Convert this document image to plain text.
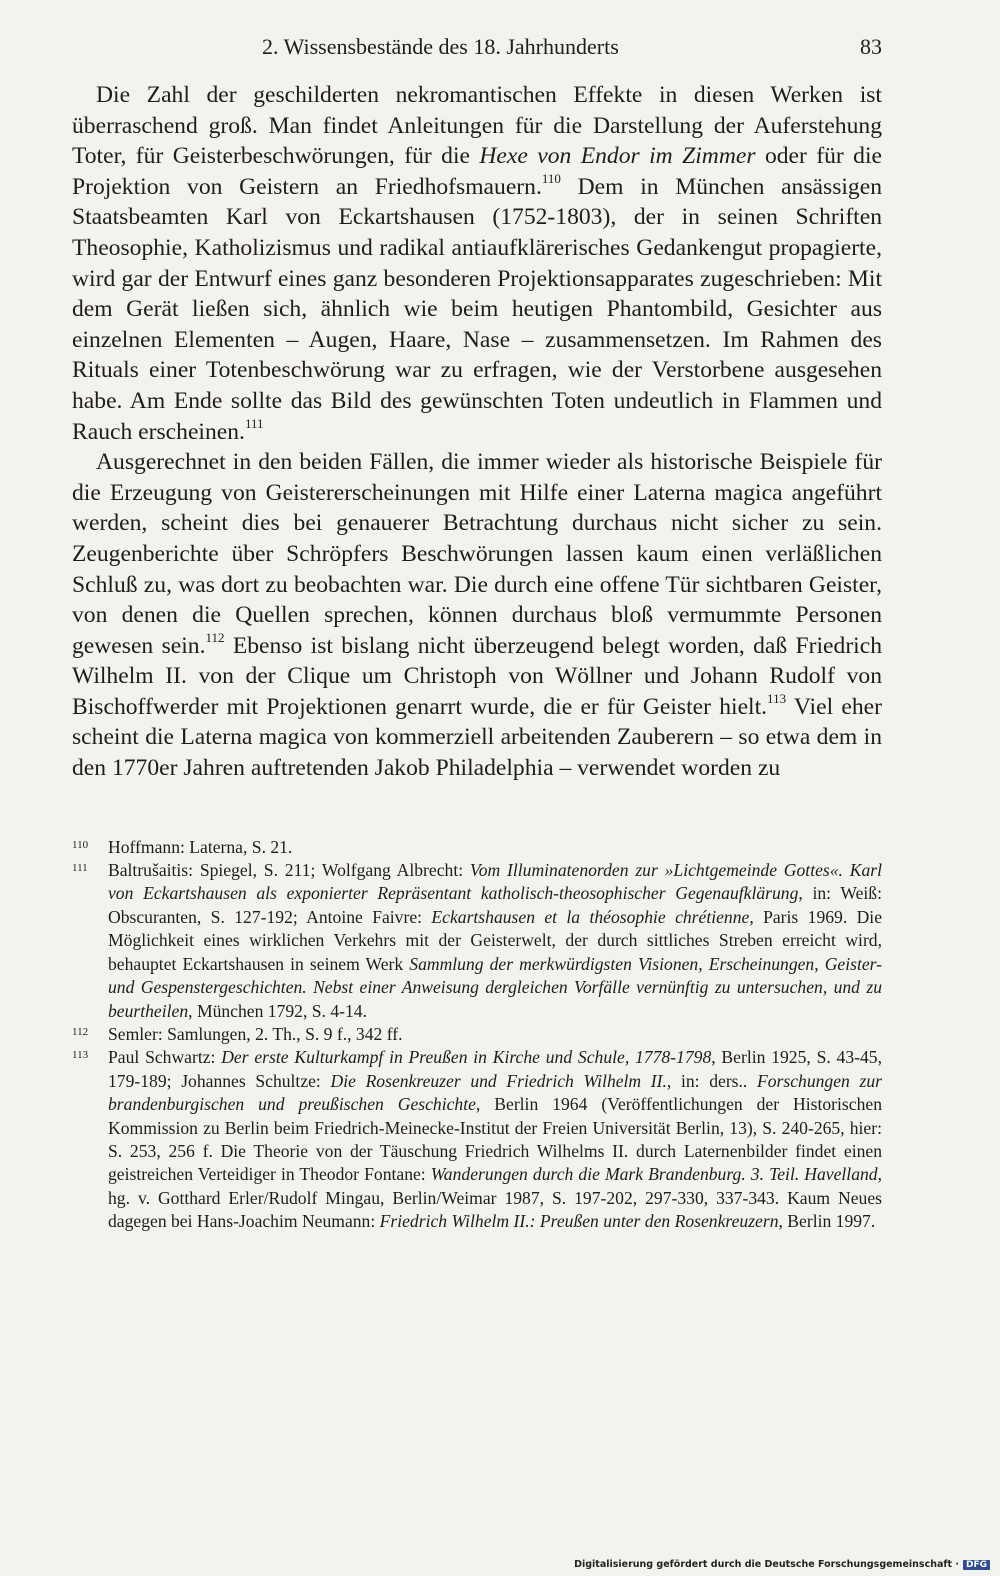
2. Wissensbestände des 18. Jahrhunderts	83

Die Zahl der geschilderten nekromantischen Effekte in diesen Werken ist überraschend groß. Man findet Anleitungen für die Darstellung der Auferstehung Toter, für Geisterbeschwörungen, für die Hexe von Endor im Zimmer oder für die Projektion von Geistern an Friedhofsmauern.$^{110}$ Dem in München ansässigen Staatsbeamten Karl von Eckartshausen (1752-1803), der in seinen Schriften Theosophie, Katholizismus und radikal antiaufklärerisches Gedankengut propagierte, wird gar der Entwurf eines ganz besonderen Projektionsapparates zugeschrieben: Mit dem Gerät ließen sich, ähnlich wie beim heutigen Phantombild, Gesichter aus einzelnen Elementen – Augen, Haare, Nase – zusammensetzen. Im Rahmen des Rituals einer Totenbeschwörung war zu erfragen, wie der Verstorbene ausgesehen habe. Am Ende sollte das Bild des gewünschten Toten undeutlich in Flammen und Rauch erscheinen.$^{111}$

Ausgerechnet in den beiden Fällen, die immer wieder als historische Beispiele für die Erzeugung von Geistererscheinungen mit Hilfe einer Laterna magica angeführt werden, scheint dies bei genauerer Betrachtung durchaus nicht sicher zu sein. Zeugenberichte über Schröpfers Beschwörungen lassen kaum einen verläßlichen Schluß zu, was dort zu beobachten war. Die durch eine offene Tür sichtbaren Geister, von denen die Quellen sprechen, können durchaus bloß vermummte Personen gewesen sein.$^{112}$ Ebenso ist bislang nicht überzeugend belegt worden, daß Friedrich Wilhelm II. von der Clique um Christoph von Wöllner und Johann Rudolf von Bischoffwerder mit Projektionen genarrt wurde, die er für Geister hielt.$^{113}$ Viel eher scheint die Laterna magica von kommerziell arbeitenden Zauberern – so etwa dem in den 1770er Jahren auftretenden Jakob Philadelphia – verwendet worden zu

110	Hoffmann: Laterna, S. 21.
111	Baltrušaitis: Spiegel, S. 211; Wolfgang Albrecht: Vom Illuminatenorden zur »Lichtgemeinde Gottes«. Karl von Eckartshausen als exponierter Repräsentant katholisch-theosophischer Gegenaufklärung, in: Weiß: Obscuranten, S. 127-192; Antoine Faivre: Eckartshausen et la théosophie chrétienne, Paris 1969. Die Möglichkeit eines wirklichen Verkehrs mit der Geisterwelt, der durch sittliches Streben erreicht wird, behauptet Eckartshausen in seinem Werk Sammlung der merkwürdigsten Visionen, Erscheinungen, Geister- und Gespenstergeschichten. Nebst einer Anweisung dergleichen Vorfälle vernünftig zu untersuchen, und zu beurtheilen, München 1792, S. 4-14.
112	Semler: Samlungen, 2. Th., S. 9 f., 342 ff.
113	Paul Schwartz: Der erste Kulturkampf in Preußen in Kirche und Schule, 1778-1798, Berlin 1925, S. 43-45, 179-189; Johannes Schultze: Die Rosenkreuzer und Friedrich Wilhelm II., in: ders.. Forschungen zur brandenburgischen und preußischen Geschichte, Berlin 1964 (Veröffentlichungen der Historischen Kommission zu Berlin beim Friedrich-Meinecke-Institut der Freien Universität Berlin, 13), S. 240-265, hier: S. 253, 256 f. Die Theorie von der Täuschung Friedrich Wilhelms II. durch Laternenbilder findet einen geistreichen Verteidiger in Theodor Fontane: Wanderungen durch die Mark Brandenburg. 3. Teil. Havelland, hg. v. Gotthard Erler/Rudolf Mingau, Berlin/Weimar 1987, S. 197-202, 297-330, 337-343. Kaum Neues dagegen bei Hans-Joachim Neumann: Friedrich Wilhelm II.: Preußen unter den Rosenkreuzern, Berlin 1997.
Digitalisierung gefördert durch die Deutsche Forschungsgemeinschaft · DFG
